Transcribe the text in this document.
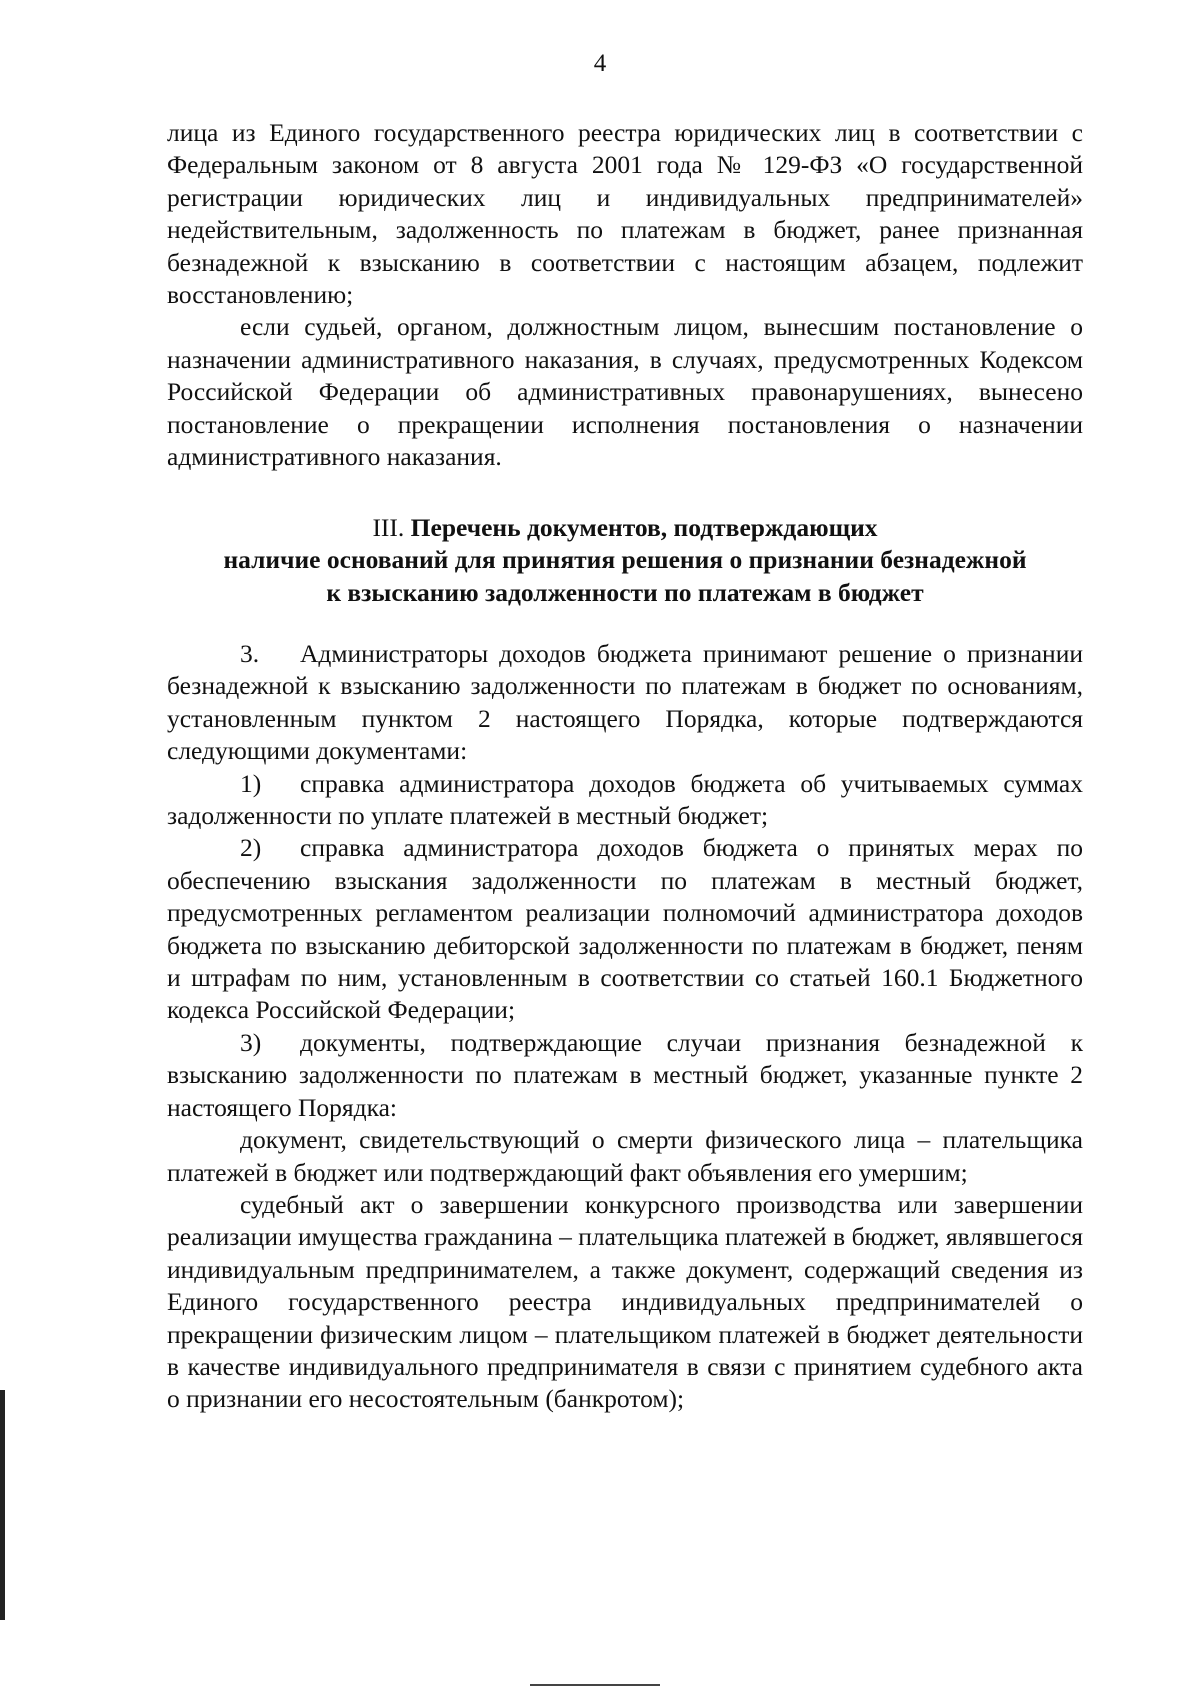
4

лица из Единого государственного реестра юридических лиц в соответствии с Федеральным законом от 8 августа 2001 года № 129-ФЗ «О государственной регистрации юридических лиц и индивидуальных предпринимателей» недействительным, задолженность по платежам в бюджет, ранее признанная безнадежной к взысканию в соответствии с настоящим абзацем, подлежит восстановлению;

если судьей, органом, должностным лицом, вынесшим постановление о назначении административного наказания, в случаях, предусмотренных Кодексом Российской Федерации об административных правонарушениях, вынесено постановление о прекращении исполнения постановления о назначении административного наказания.

III. Перечень документов, подтверждающих
наличие оснований для принятия решения о признании безнадежной
к взысканию задолженности по платежам в бюджет

3. Администраторы доходов бюджета принимают решение о признании безнадежной к взысканию задолженности по платежам в бюджет по основаниям, установленным пунктом 2 настоящего Порядка, которые подтверждаются следующими документами:

1) справка администратора доходов бюджета об учитываемых суммах задолженности по уплате платежей в местный бюджет;

2) справка администратора доходов бюджета о принятых мерах по обеспечению взыскания задолженности по платежам в местный бюджет, предусмотренных регламентом реализации полномочий администратора доходов бюджета по взысканию дебиторской задолженности по платежам в бюджет, пеням и штрафам по ним, установленным в соответствии со статьей 160.1 Бюджетного кодекса Российской Федерации;

3) документы, подтверждающие случаи признания безнадежной к взысканию задолженности по платежам в местный бюджет, указанные пункте 2 настоящего Порядка:

документ, свидетельствующий о смерти физического лица – плательщика платежей в бюджет или подтверждающий факт объявления его умершим;

судебный акт о завершении конкурсного производства или завершении реализации имущества гражданина – плательщика платежей в бюджет, являвшегося индивидуальным предпринимателем, а также документ, содержащий сведения из Единого государственного реестра индивидуальных предпринимателей о прекращении физическим лицом – плательщиком платежей в бюджет деятельности в качестве индивидуального предпринимателя в связи с принятием судебного акта о признании его несостоятельным (банкротом);
